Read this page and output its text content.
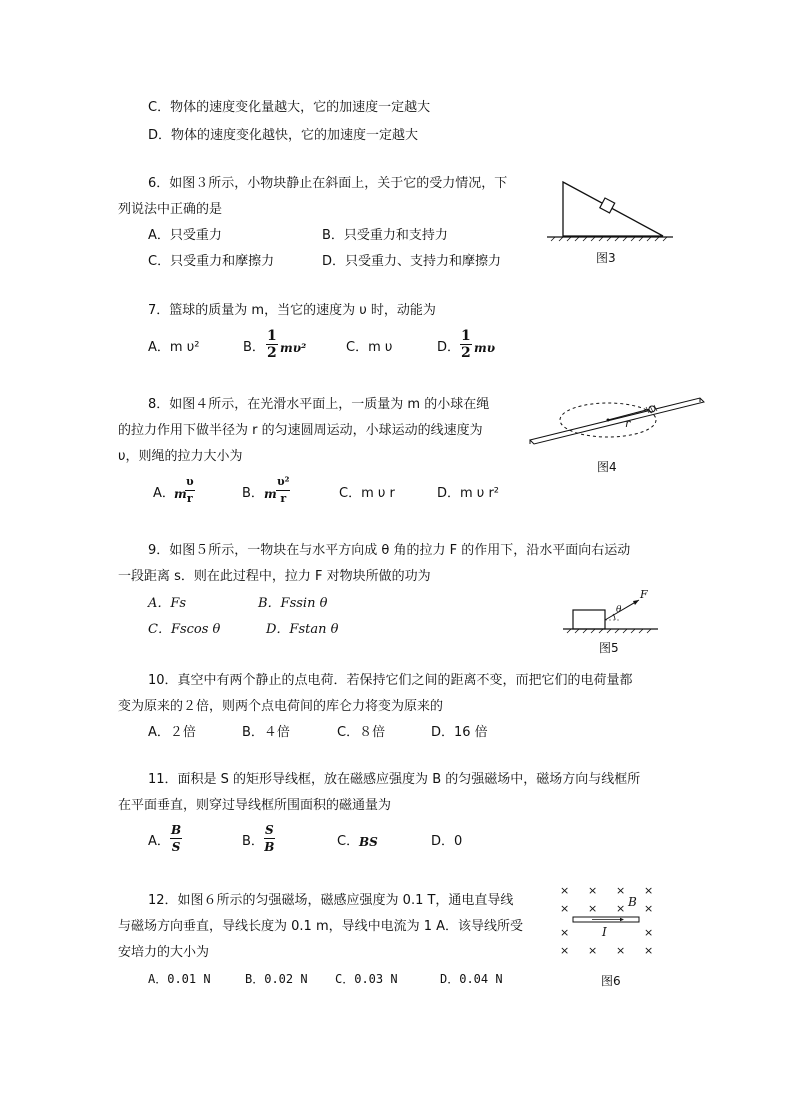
C．物体的速度变化量越大，它的加速度一定越大
D．物体的速度变化越快，它的加速度一定越大
6．如图３所示，小物块静止在斜面上，关于它的受力情况，下
列说法中正确的是
A．只受重力	B．只受重力和支持力
C．只受重力和摩擦力	D．只受重力、支持力和摩擦力	图3
7．篮球的质量为 m，当它的速度为 υ 时，动能为
A．m υ²	B．
1
2 mυ²	C．m υ	D．
1
2 mυ
8．如图４所示，在光滑水平面上，一质量为 m 的小球在绳
的拉力作用下做半径为 r 的匀速圆周运动，小球运动的线速度为
υ，则绳的拉力大小为
r
图4
A． m
υ
r	B． m
υ²
r	C．m υ r	D．m υ r²
9．如图５所示，一物块在与水平方向成 θ 角的拉力 F 的作用下，沿水平面向右运动
一段距离 s．则在此过程中，拉力 F 对物块所做的功为
A．Fs	B．Fssin θ
C．Fscos θ	D．Fstan θ
F
θ
图5
10．真空中有两个静止的点电荷．若保持它们之间的距离不变，而把它们的电荷量都
变为原来的２倍，则两个点电荷间的库仑力将变为原来的
A．２倍	B．４倍	C．８倍	D．16 倍
11．面积是 S 的矩形导线框，放在磁感应强度为 B 的匀强磁场中，磁场方向与线框所
在平面垂直，则穿过导线框所围面积的磁通量为
A．
B
S	B．
S
B	C． BS	D．0
12．如图６所示的匀强磁场，磁感应强度为 0.1 T，通电直导线
与磁场方向垂直，导线长度为 0.1 m，导线中电流为 1 A．该导线所受
安培力的大小为
A．0.01 N	B．0.02 N C．0.03 N	D．0.04 N
× × × ×
× × × ×
×	×
× × × ×
B
I
图6
